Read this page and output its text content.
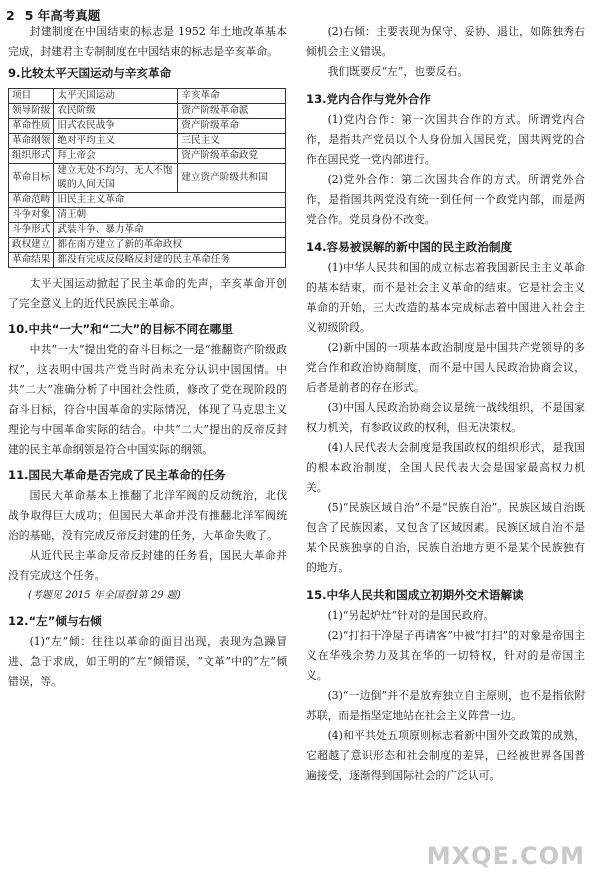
2 5 年高考真题

封建制度在中国结束的标志是 1952 年土地改革基本完成，封建君主专制制度在中国结束的标志是辛亥革命。

9.比较太平天国运动与辛亥革命
项目	太平天国运动	辛亥革命
领导阶级	农民阶级	资产阶级革命派
革命性质	旧式农民战争	资产阶级革命
革命纲领	绝对平均主义	三民主义
组织形式	拜上帝会	资产阶级革命政党
革命目标	建立无处不均匀、无人不饱暖的人间天国	建立资产阶级共和国
革命范畴	旧民主主义革命	
斗争对象	清王朝	
斗争形式	武装斗争、暴力革命	
政权建立	都在南方建立了新的革命政权	
革命结果	都没有完成反侵略反封建的民主革命任务	

太平天国运动掀起了民主革命的先声，辛亥革命开创了完全意义上的近代民族民主革命。

10.中共“一大”和“二大”的目标不同在哪里

中共“一大”提出党的奋斗目标之一是“推翻资产阶级政权”，这表明中国共产党当时尚未充分认识中国国情。中共“二大”准确分析了中国社会性质，修改了党在现阶段的奋斗目标，符合中国革命的实际情况，体现了马克思主义理论与中国革命实际的结合。中共“二大”提出的反帝反封建的民主革命纲领是符合中国实际的纲领。

11.国民大革命是否完成了民主革命的任务

国民大革命基本上推翻了北洋军阀的反动统治，北伐战争取得巨大成功；但国民大革命并没有推翻北洋军阀统治的基础，没有完成反帝反封建的任务，大革命失败了。

从近代民主革命反帝反封建的任务看，国民大革命并没有完成这个任务。

(考题见 2015 年全国卷Ⅰ第 29 题)
12.“左”倾与右倾

(1)“左”倾：往往以革命的面目出现，表现为急躁冒进、急于求成，如王明的“左”倾错误，“文革”中的“左”倾错误，等。

(2)右倾：主要表现为保守、妥协、退让，如陈独秀右倾机会主义错误。

我们既要反“左”，也要反右。

13.党内合作与党外合作

(1)党内合作：第一次国共合作的方式。所谓党内合作，是指共产党员以个人身份加入国民党，国共两党的合作在国民党一党内部进行。

(2)党外合作：第二次国共合作的方式。所谓党外合作，是指国共两党没有统一到任何一个政党内部，而是两党合作。党员身份不改变。

14.容易被误解的新中国的民主政治制度

(1)中华人民共和国的成立标志着我国新民主主义革命的基本结束，而不是社会主义革命的结束。它是社会主义革命的开始，三大改造的基本完成标志着中国进入社会主义初级阶段。

(2)新中国的一项基本政治制度是中国共产党领导的多党合作和政治协商制度，而不是中国人民政治协商会议，后者是前者的存在形式。

(3)中国人民政治协商会议是统一战线组织，不是国家权力机关，有参政议政的权利，但无决策权。

(4)人民代表大会制度是我国政权的组织形式，是我国的根本政治制度，全国人民代表大会是国家最高权力机关。

(5)“民族区域自治”不是“民族自治”。民族区域自治既包含了民族因素，又包含了区域因素。民族区域自治不是某个民族独享的自治，民族自治地方更不是某个民族独有的地方。

15.中华人民共和国成立初期外交术语解读

(1)“另起炉灶”针对的是国民政府。

(2)“打扫干净屋子再请客”中被“打扫”的对象是帝国主义在华残余势力及其在华的一切特权，针对的是帝国主义。

(3)“一边倒”并不是放弃独立自主原则，也不是指依附苏联，而是指坚定地站在社会主义阵营一边。

(4)和平共处五项原则标志着新中国外交政策的成熟，它超越了意识形态和社会制度的差异，已经被世界各国普遍接受，逐渐得到国际社会的广泛认可。

MXQE.COM
